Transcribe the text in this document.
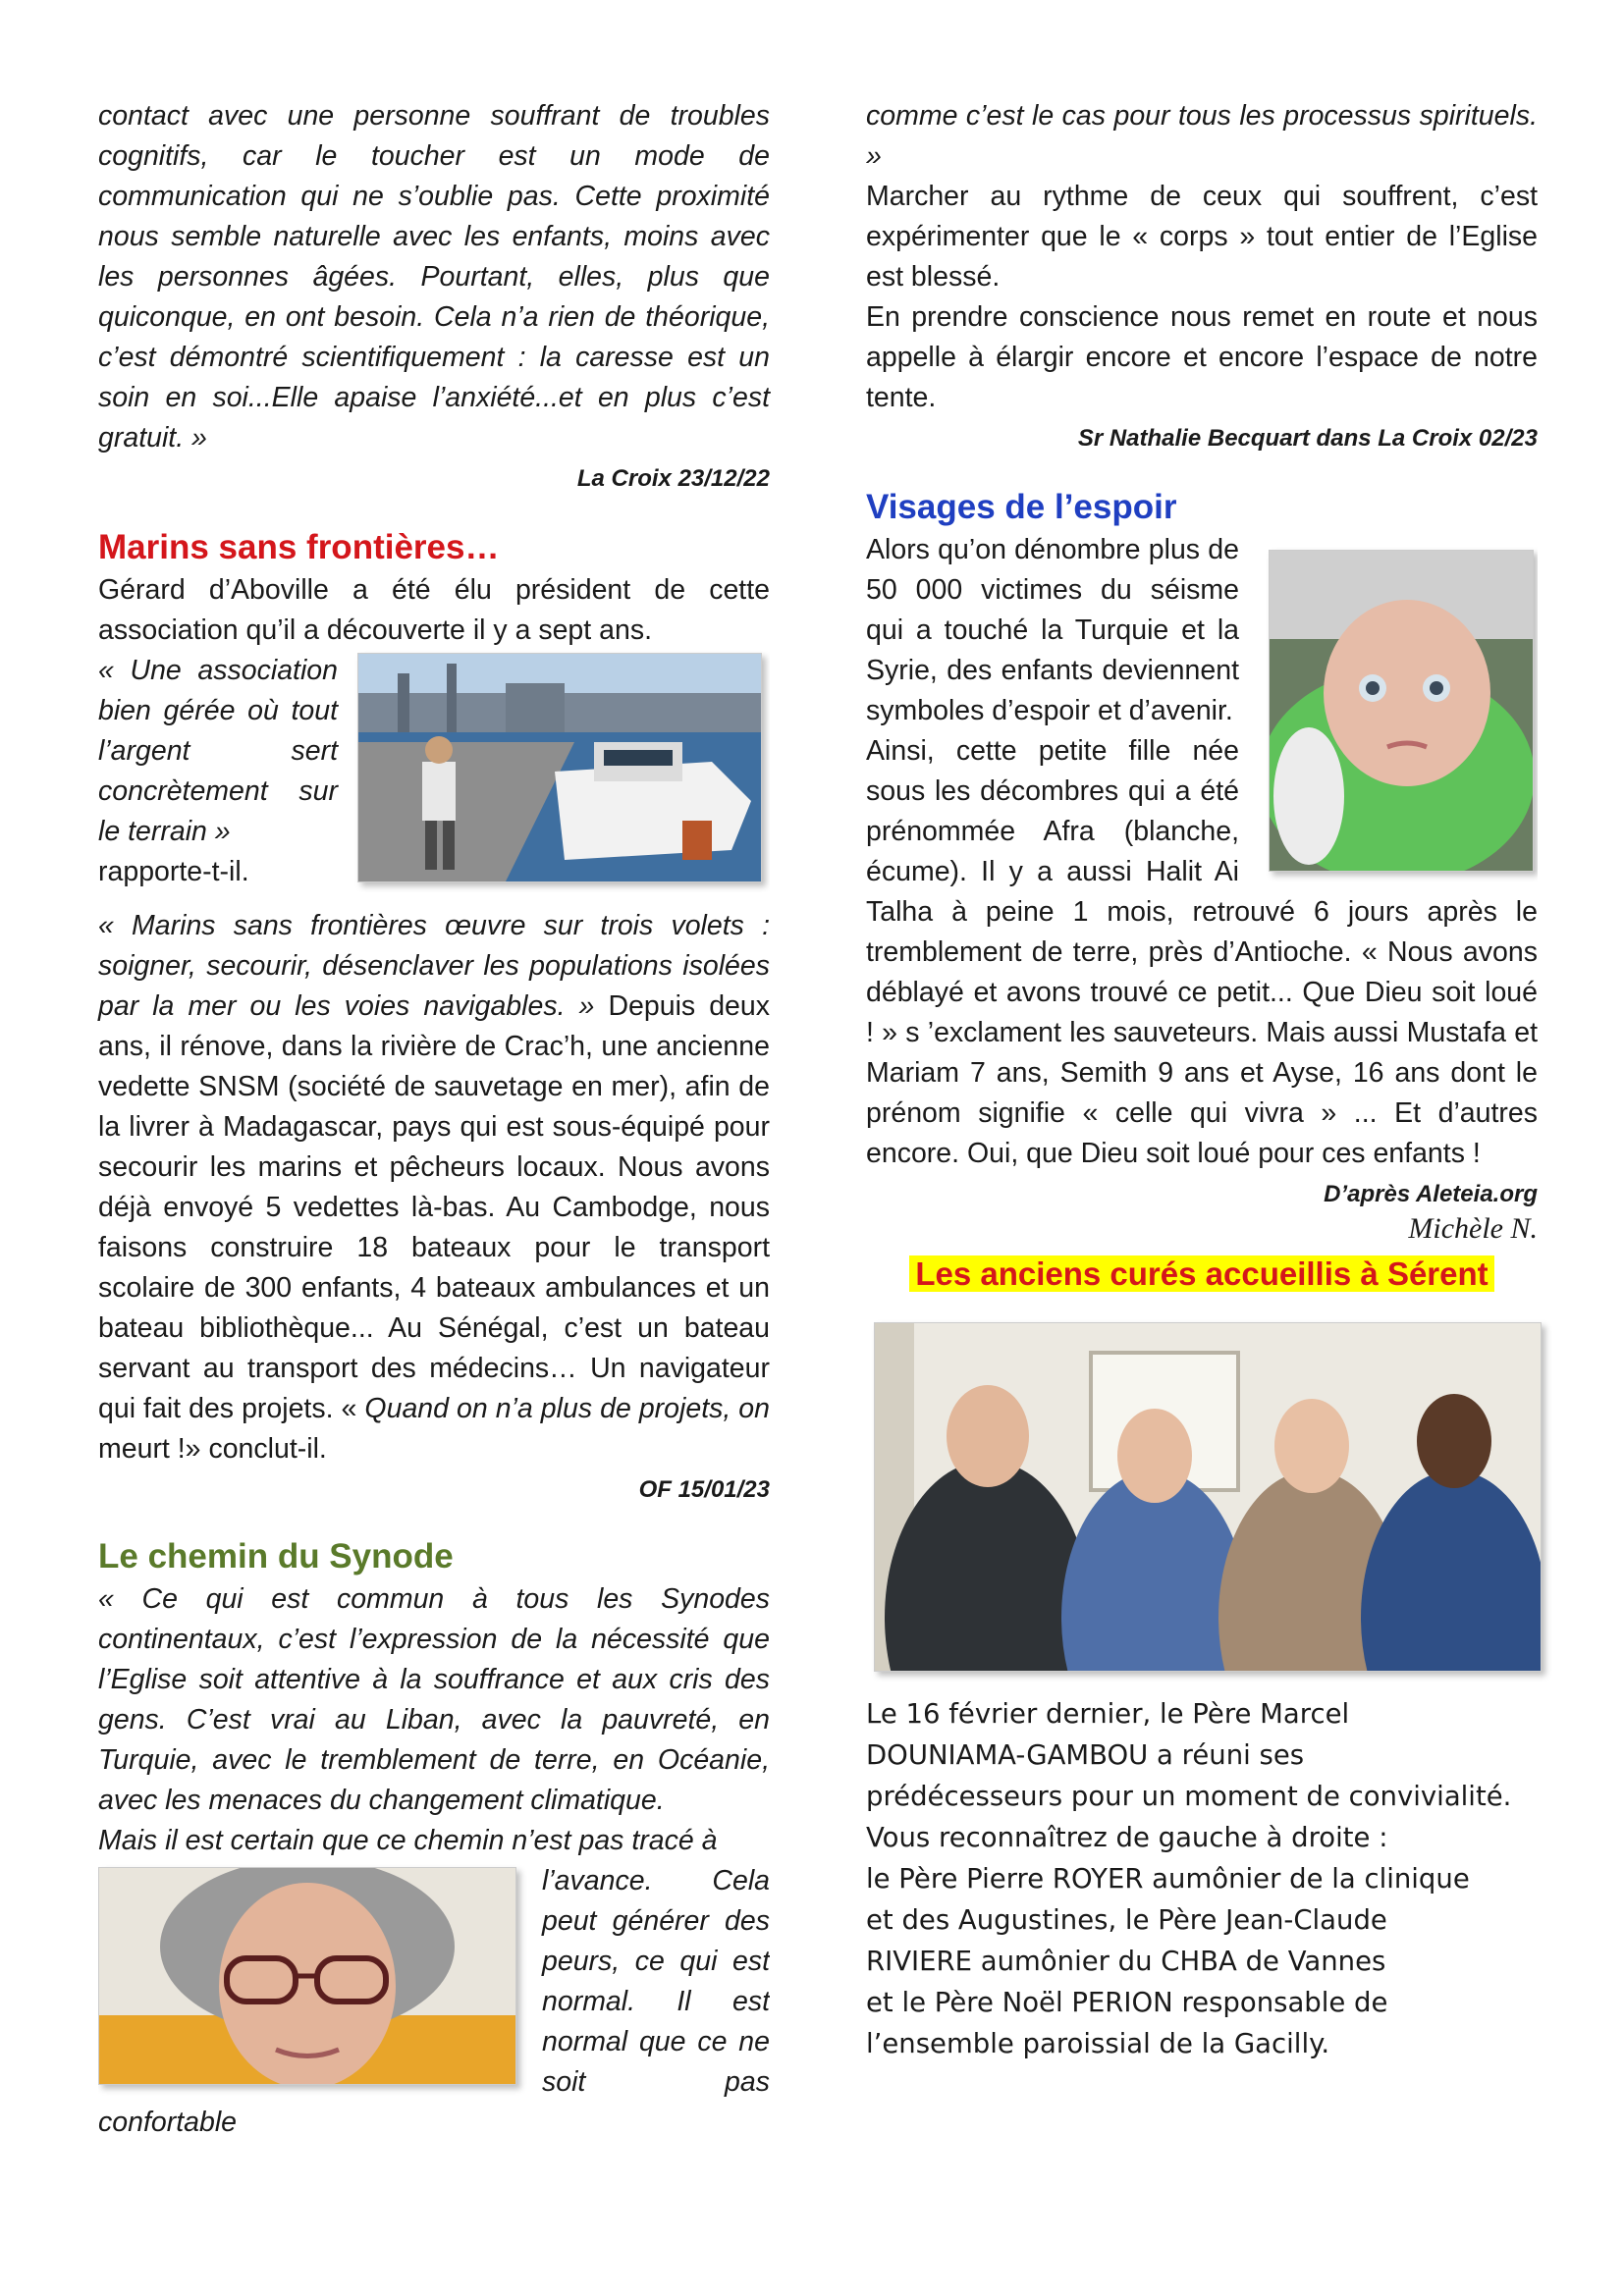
contact avec une personne souffrant de troubles cognitifs, car le toucher est un mode de communication qui ne s’oublie pas. Cette proximité nous semble naturelle avec les enfants, moins avec les personnes âgées. Pourtant, elles, plus que quiconque, en ont besoin. Cela n’a rien de théorique, c’est démontré scientifiquement : la caresse est un soin en soi...Elle apaise l’anxiété...et en plus c’est gratuit. »

La Croix 23/12/22
Marins sans frontières…

Gérard d’Aboville a été élu président de cette association qu’il a découverte il y a sept ans.

« Une association bien gérée où tout l’argent sert concrètement sur le terrain »

rapporte-t-il.

« Marins sans frontières œuvre sur trois volets : soigner, secourir, désenclaver les populations isolées par la mer ou les voies navigables. » Depuis deux ans, il rénove, dans la rivière de Crac’h, une ancienne vedette SNSM (société de sauvetage en mer), afin de la livrer à Madagascar, pays qui est sous-équipé pour secourir les marins et pêcheurs locaux. Nous avons déjà envoyé 5 vedettes là-bas. Au Cambodge, nous faisons construire 18 bateaux pour le transport scolaire de 300 enfants, 4 bateaux ambulances et un bateau bibliothèque... Au Sénégal, c’est un bateau servant au transport des médecins… Un navigateur qui fait des projets. « Quand on n’a plus de projets, on meurt !» conclut-il.

OF 15/01/23
Le chemin du Synode

« Ce qui est commun à tous les Synodes continentaux, c’est l’expression de la nécessité que l’Eglise soit attentive à la souffrance et aux cris des gens. C’est vrai au Liban, avec la pauvreté, en Turquie, avec le tremblement de terre, en Océanie, avec les menaces du changement climatique.

Mais il est certain que ce chemin n’est pas tracé à

l’avance. Cela peut générer des peurs, ce qui est normal. Il est normal que ce ne soit pas confortable

comme c’est le cas pour tous les processus spirituels. »

Marcher au rythme de ceux qui souffrent, c’est expérimenter que le « corps » tout entier de l’Eglise est blessé.

En prendre conscience nous remet en route et nous appelle à élargir encore et encore l’espace de notre tente.

Sr Nathalie Becquart dans La Croix 02/23
Visages de l’espoir

Alors qu’on dénombre plus de 50 000 victimes du séisme qui a touché la Turquie et la Syrie, des enfants deviennent symboles d’espoir et d’avenir.

Ainsi, cette petite fille née sous les décombres qui a été prénommée Afra (blanche, écume). Il y a aussi Halit Ai Talha à peine 1 mois, retrouvé 6 jours après le tremblement de terre, près d’Antioche. « Nous avons déblayé et avons trouvé ce petit... Que Dieu soit loué ! » s ’exclament les sauveteurs. Mais aussi Mustafa et Mariam 7 ans, Semith 9 ans et Ayse, 16 ans dont le prénom signifie « celle qui vivra » ... Et d’autres encore. Oui, que Dieu soit loué pour ces enfants !

D’après Aleteia.org
Michèle N.
Les anciens curés accueillis à Sérent
Le 16 février dernier, le Père Marcel
DOUNIAMA-GAMBOU a réuni ses
prédécesseurs pour un moment de convivialité.
Vous reconnaîtrez de gauche à droite :
le Père Pierre ROYER aumônier de la clinique
et des Augustines, le Père Jean-Claude
RIVIERE aumônier du CHBA de Vannes
et le Père Noël PERION responsable de
l’ensemble paroissial de la Gacilly.
